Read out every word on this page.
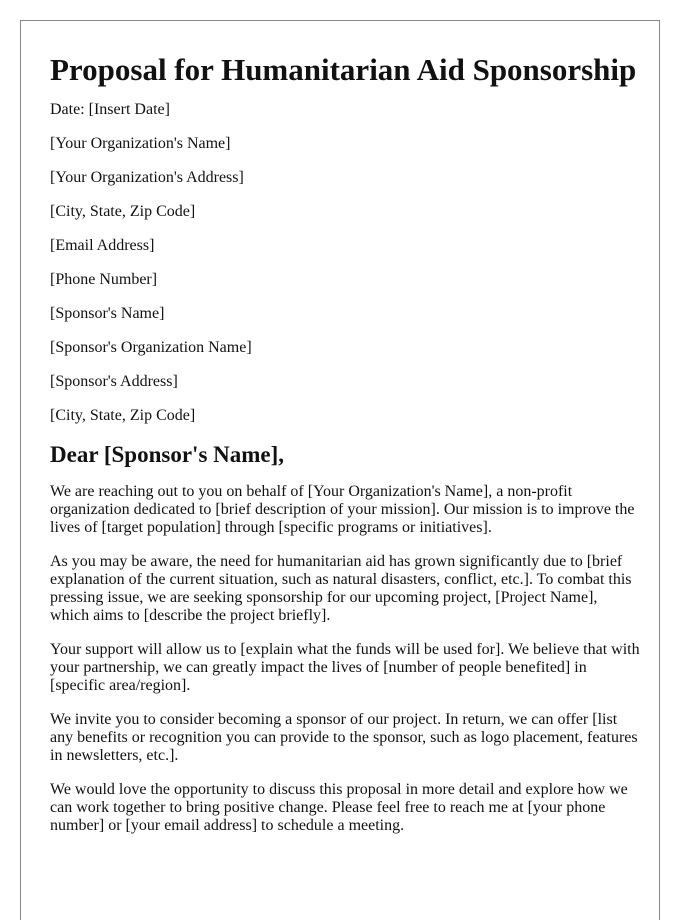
Proposal for Humanitarian Aid Sponsorship
Date: [Insert Date]
[Your Organization's Name]
[Your Organization's Address]
[City, State, Zip Code]
[Email Address]
[Phone Number]
[Sponsor's Name]
[Sponsor's Organization Name]
[Sponsor's Address]
[City, State, Zip Code]
Dear [Sponsor's Name],

We are reaching out to you on behalf of [Your Organization's Name], a non-profit organization dedicated to [brief description of your mission]. Our mission is to improve the lives of [target population] through [specific programs or initiatives].

As you may be aware, the need for humanitarian aid has grown significantly due to [brief explanation of the current situation, such as natural disasters, conflict, etc.]. To combat this pressing issue, we are seeking sponsorship for our upcoming project, [Project Name], which aims to [describe the project briefly].

Your support will allow us to [explain what the funds will be used for]. We believe that with your partnership, we can greatly impact the lives of [number of people benefited] in [specific area/region].

We invite you to consider becoming a sponsor of our project. In return, we can offer [list any benefits or recognition you can provide to the sponsor, such as logo placement, features in newsletters, etc.].

We would love the opportunity to discuss this proposal in more detail and explore how we can work together to bring positive change. Please feel free to reach me at [your phone number] or [your email address] to schedule a meeting.
